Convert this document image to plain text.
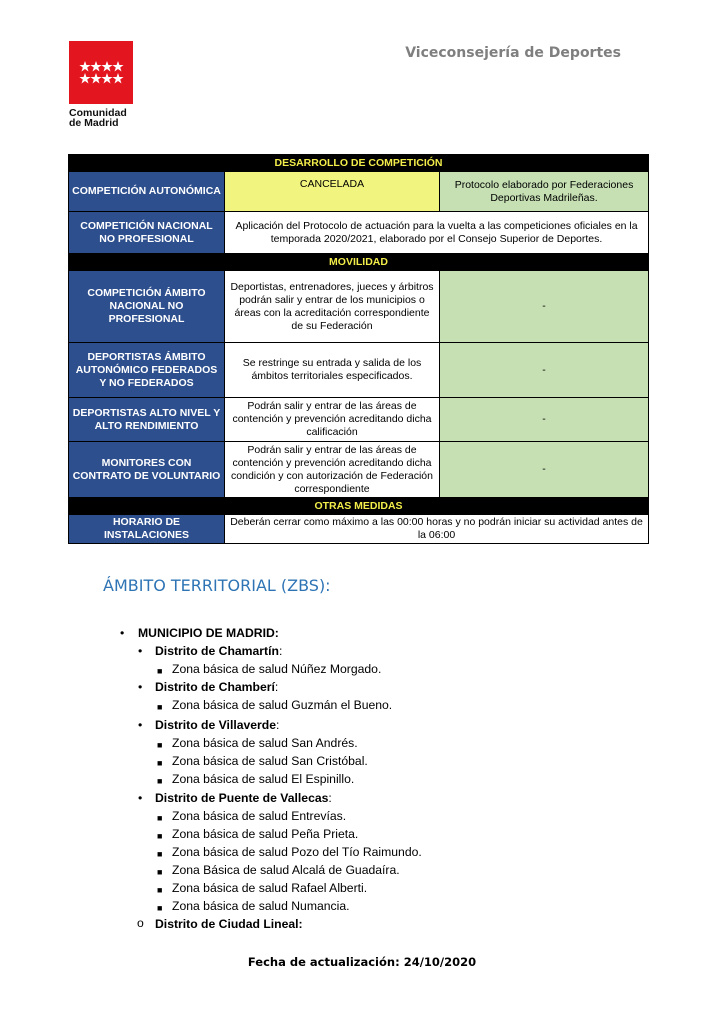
Comunidad
de Madrid
Viceconsejería de Deportes
DESARROLLO DE COMPETICIÓN		
COMPETICIÓN AUTONÓMICA	CANCELADA	Protocolo elaborado por Federaciones Deportivas Madrileñas.
COMPETICIÓN NACIONAL NO PROFESIONAL	Aplicación del Protocolo de actuación para la vuelta a las competiciones oficiales en la temporada 2020/2021, elaborado por el Consejo Superior de Deportes.	
MOVILIDAD		
COMPETICIÓN ÁMBITO NACIONAL NO PROFESIONAL	Deportistas, entrenadores, jueces y árbitros podrán salir y entrar de los municipios o áreas con la acreditación correspondiente de su Federación	-
DEPORTISTAS ÁMBITO AUTONÓMICO FEDERADOS Y NO FEDERADOS	Se restringe su entrada y salida de los ámbitos territoriales especificados.	-
DEPORTISTAS ALTO NIVEL Y ALTO RENDIMIENTO	Podrán salir y entrar de las áreas de contención y prevención acreditando dicha calificación	-
MONITORES CON CONTRATO DE VOLUNTARIO	Podrán salir y entrar de las áreas de contención y prevención acreditando dicha condición y con autorización de Federación correspondiente	-
OTRAS MEDIDAS		
HORARIO DE INSTALACIONES	Deberán cerrar como máximo a las 00:00 horas y no podrán iniciar su actividad antes de la 06:00	
ÁMBITO TERRITORIAL (ZBS):
• MUNICIPIO DE MADRID:
• Distrito de Chamartín:
■ Zona básica de salud Núñez Morgado.
• Distrito de Chamberí:
■ Zona básica de salud Guzmán el Bueno.
• Distrito de Villaverde:
■ Zona básica de salud San Andrés.
■ Zona básica de salud San Cristóbal.
■ Zona básica de salud El Espinillo.
• Distrito de Puente de Vallecas:
■ Zona básica de salud Entrevías.
■ Zona básica de salud Peña Prieta.
■ Zona básica de salud Pozo del Tío Raimundo.
■ Zona Básica de salud Alcalá de Guadaíra.
■ Zona básica de salud Rafael Alberti.
■ Zona básica de salud Numancia.
o Distrito de Ciudad Lineal:
Fecha de actualización: 24/10/2020
